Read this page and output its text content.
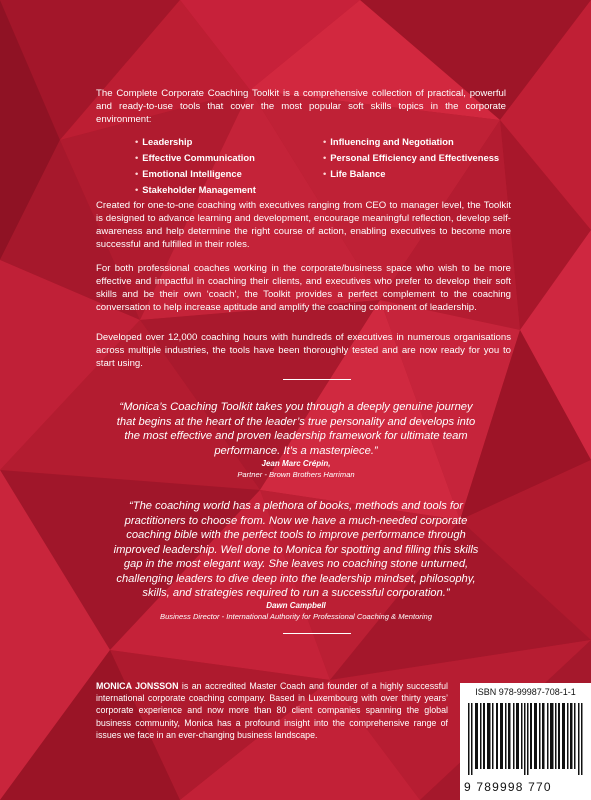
The Complete Corporate Coaching Toolkit is a comprehensive collection of practical, powerful and ready-to-use tools that cover the most popular soft skills topics in the corporate environment:
• Leadership	• Influencing and Negotiation
• Effective Communication	• Personal Efficiency and Effectiveness
• Emotional Intelligence	• Life Balance
• Stakeholder Management
Created for one-to-one coaching with executives ranging from CEO to manager level, the Toolkit is designed to advance learning and development, encourage meaningful reflection, develop self-awareness and help determine the right course of action, enabling executives to become more successful and fulfilled in their roles.
For both professional coaches working in the corporate/business space who wish to be more effective and impactful in coaching their clients, and executives who prefer to develop their soft skills and be their own ‘coach’, the Toolkit provides a perfect complement to the coaching conversation to help increase aptitude and amplify the coaching component of leadership.
Developed over 12,000 coaching hours with hundreds of executives in numerous organisations across multiple industries, the tools have been thoroughly tested and are now ready for you to start using.
“Monica’s Coaching Toolkit takes you through a deeply genuine journey that begins at the heart of the leader’s true personality and develops into the most effective and proven leadership framework for ultimate team performance. It’s a masterpiece.”
Jean Marc Crépin,
Partner - Brown Brothers Harriman
“The coaching world has a plethora of books, methods and tools for practitioners to choose from. Now we have a much-needed corporate coaching bible with the perfect tools to improve performance through improved leadership. Well done to Monica for spotting and filling this skills gap in the most elegant way. She leaves no coaching stone unturned, challenging leaders to dive deep into the leadership mindset, philosophy, skills, and strategies required to run a successful corporation.”
Dawn Campbell
Business Director - International Authority for Professional Coaching & Mentoring
MONICA JONSSON is an accredited Master Coach and founder of a highly successful international corporate coaching company. Based in Luxembourg with over thirty years’ corporate experience and now more than 80 client companies spanning the global business community, Monica has a profound insight into the comprehensive range of issues we face in an ever-changing business landscape.
ISBN 978-99987-708-1-1
9 789998 770
